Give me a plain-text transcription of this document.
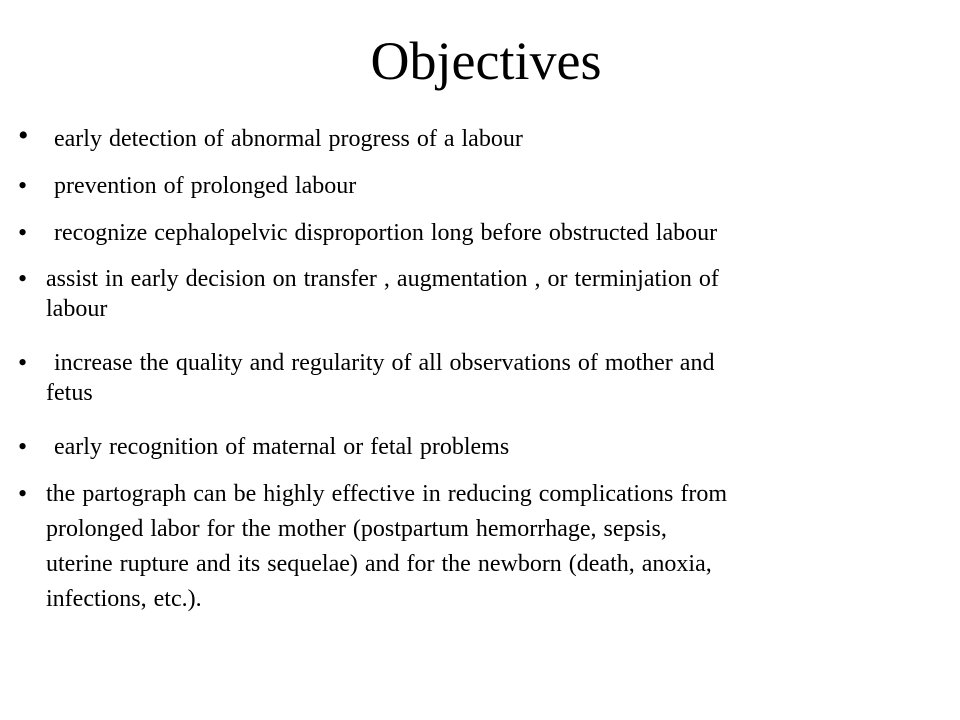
Objectives
• early detection of abnormal progress of a labour
• prevention of prolonged labour
• recognize cephalopelvic disproportion long before obstructed labour
• assist in early decision on transfer , augmentation , or terminjation of
labour
• increase the quality and regularity of all observations of mother and
fetus
• early recognition of maternal or fetal problems
• the partograph can be highly effective in reducing complications from
prolonged labor for the mother (postpartum hemorrhage, sepsis,
uterine rupture and its sequelae) and for the newborn (death, anoxia,
infections, etc.).
